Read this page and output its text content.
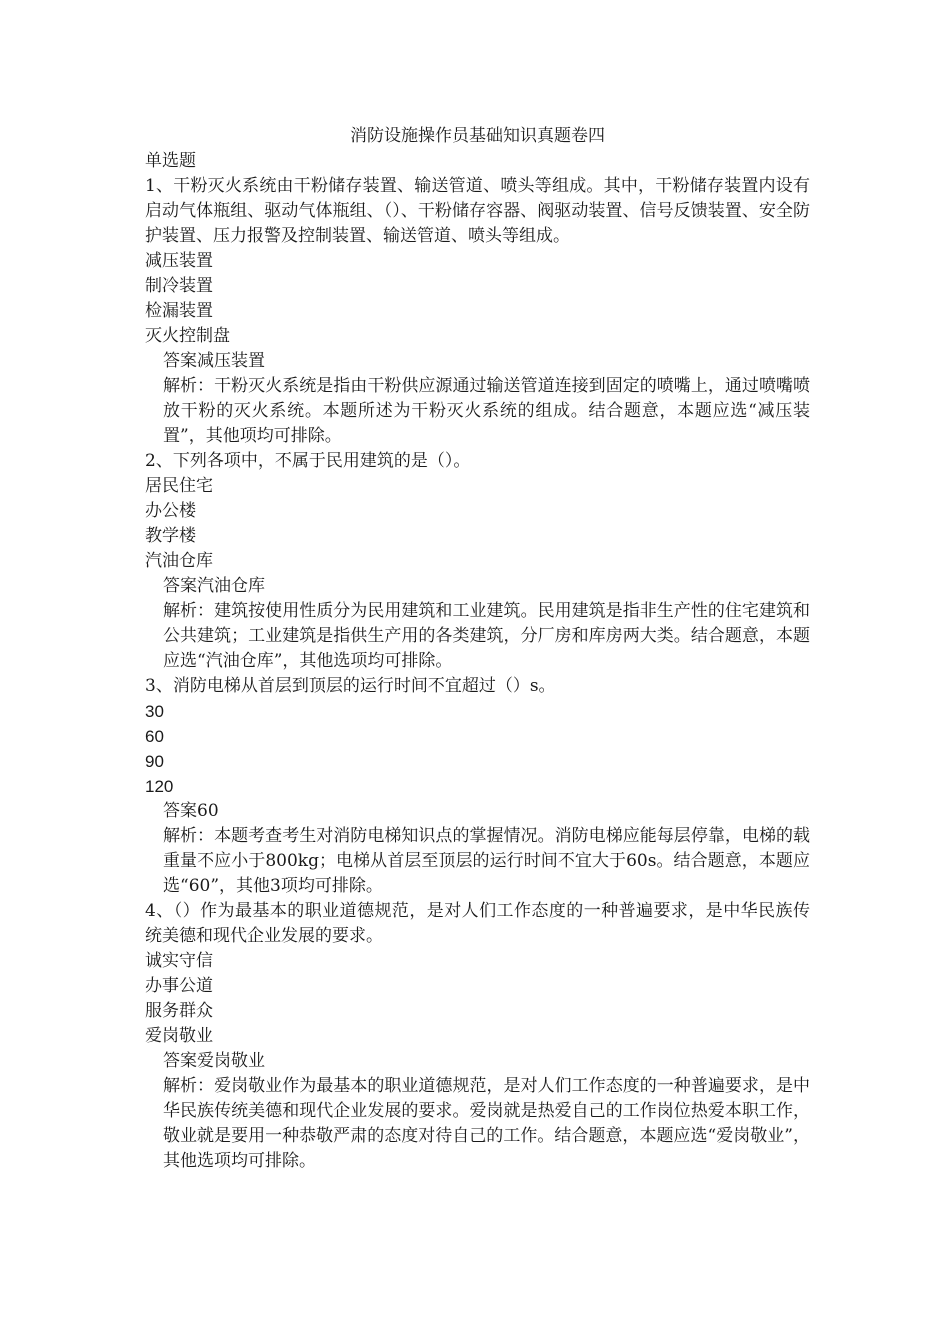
消防设施操作员基础知识真题卷四

单选题

1、干粉灭火系统由干粉储存装置、输送管道、喷头等组成。其中，干粉储存装置内设有启动气体瓶组、驱动气体瓶组、（）、干粉储存容器、阀驱动装置、信号反馈装置、安全防护装置、压力报警及控制装置、输送管道、喷头等组成。

减压装置

制冷装置

检漏装置

灭火控制盘

答案减压装置

解析：干粉灭火系统是指由干粉供应源通过输送管道连接到固定的喷嘴上，通过喷嘴喷放干粉的灭火系统。本题所述为干粉灭火系统的组成。结合题意，本题应选“减压装置”，其他项均可排除。

2、下列各项中，不属于民用建筑的是（）。

居民住宅

办公楼

教学楼

汽油仓库

答案汽油仓库

解析：建筑按使用性质分为民用建筑和工业建筑。民用建筑是指非生产性的住宅建筑和公共建筑；工业建筑是指供生产用的各类建筑，分厂房和库房两大类。结合题意，本题应选“汽油仓库”，其他选项均可排除。

3、消防电梯从首层到顶层的运行时间不宜超过（）s。

30

60

90

120

答案60

解析：本题考查考生对消防电梯知识点的掌握情况。消防电梯应能每层停靠，电梯的载重量不应小于800kg；电梯从首层至顶层的运行时间不宜大于60s。结合题意，本题应选“60”，其他3项均可排除。

4、（）作为最基本的职业道德规范，是对人们工作态度的一种普遍要求，是中华民族传统美德和现代企业发展的要求。

诚实守信

办事公道

服务群众

爱岗敬业

答案爱岗敬业

解析：爱岗敬业作为最基本的职业道德规范，是对人们工作态度的一种普遍要求，是中华民族传统美德和现代企业发展的要求。爱岗就是热爱自己的工作岗位热爱本职工作，敬业就是要用一种恭敬严肃的态度对待自己的工作。结合题意，本题应选“爱岗敬业”，其他选项均可排除。
